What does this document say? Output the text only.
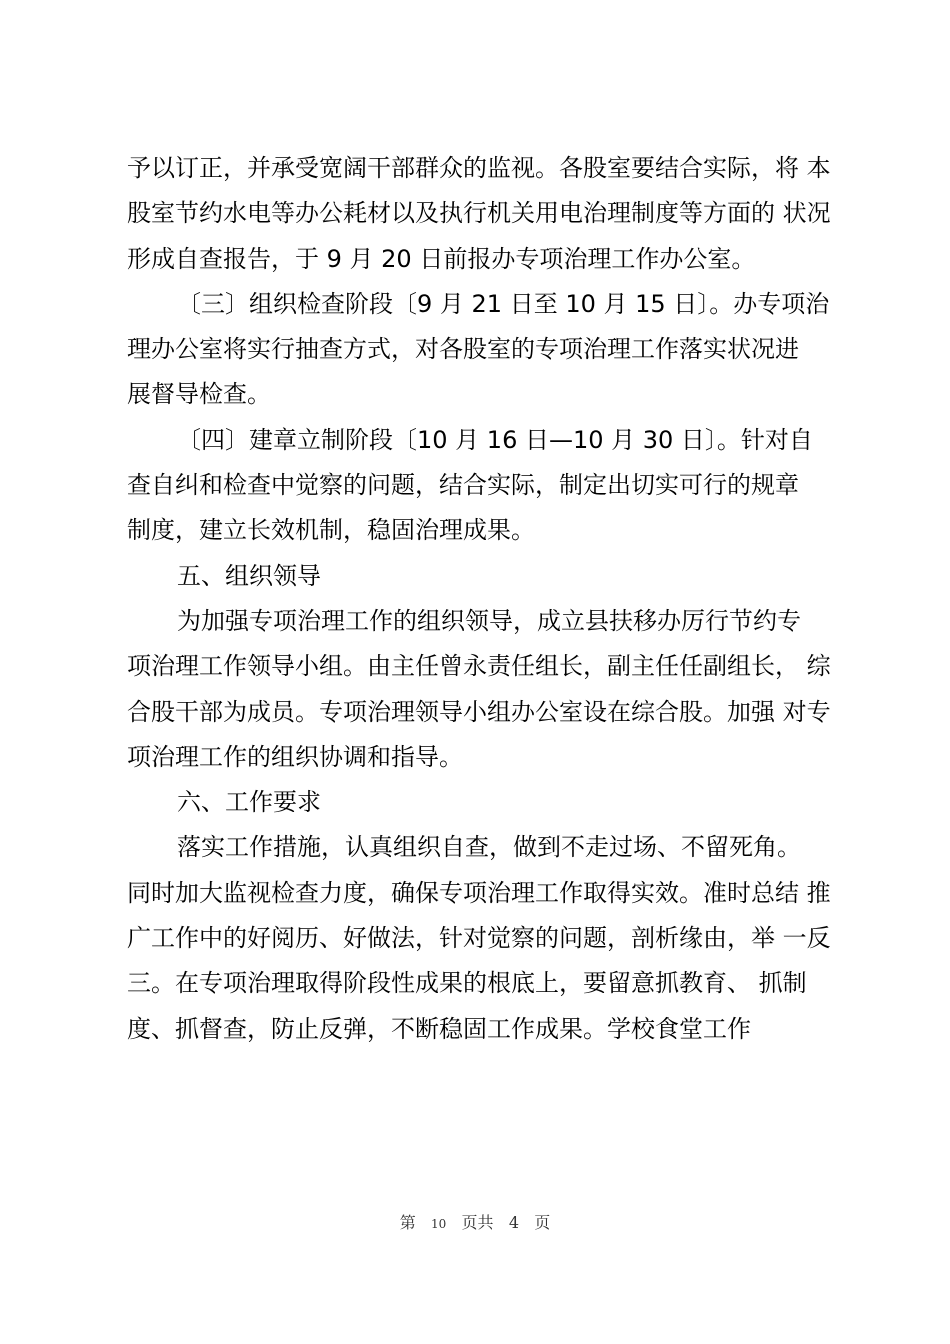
予以订正，并承受宽阔干部群众的监视。各股室要结合实际，将 本
股室节约水电等办公耗材以及执行机关用电治理制度等方面的 状况
形成自查报告，于 9 月 20 日前报办专项治理工作办公室。
〔三〕组织检查阶段〔9 月 21 日至 10 月 15 日〕。办专项治
理办公室将实行抽查方式，对各股室的专项治理工作落实状况进
展督导检查。
〔四〕建章立制阶段〔10 月 16 日—10 月 30 日〕。针对自
查自纠和检查中觉察的问题，结合实际，制定出切实可行的规章
制度，建立长效机制，稳固治理成果。
五、组织领导
为加强专项治理工作的组织领导，成立县扶移办厉行节约专
项治理工作领导小组。由主任曾永责任组长，副主任任副组长， 综
合股干部为成员。专项治理领导小组办公室设在综合股。加强 对专
项治理工作的组织协调和指导。
六、工作要求
落实工作措施，认真组织自查，做到不走过场、不留死角。
同时加大监视检查力度，确保专项治理工作取得实效。准时总结 推
广工作中的好阅历、好做法，针对觉察的问题，剖析缘由，举 一反
三。在专项治理取得阶段性成果的根底上，要留意抓教育、 抓制
度、抓督查，防止反弹，不断稳固工作成果。学校食堂工作
第 10 页共 4 页
